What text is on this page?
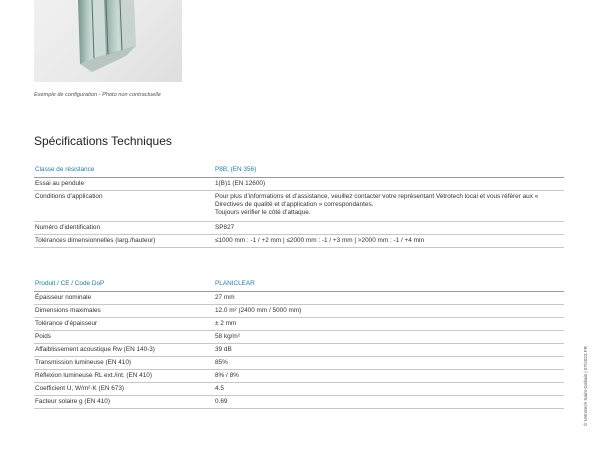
Exemple de configuration - Photo non contractuelle
Spécifications Techniques
Classe de résistance	P8B, (EN 356)
Essai au pendule	1(B)1 (EN 12600)
Conditions d’application	Pour plus d’informations et d’assistance, veuillez contacter votre représentant Vetrotech local et vous référer aux « Directives de qualité et d’application » correspondantes.
Toujours vérifier le côté d’attaque.
Numéro d’identification	SP827
Tolérances dimensionnelles (larg./hauteur)	≤1000 mm : -1 / +2 mm | ≤2000 mm : -1 / +3 mm | >2000 mm : -1 / +4 mm
Produit / CE / Code DoP	PLANICLEAR
Épaisseur nominale	27 mm
Dimensions maximales	12.0 m² (2400 mm / 5000 mm)
Tolérance d’épaisseur	± 2 mm
Poids	58 kg/m²
Affaiblissement acoustique Rw (EN 140-3)	39 dB
Transmission lumineuse (EN 410)	85%
Réflexion lumineuse RL ext./int. (EN 410)	8% / 8%
Coefficient U, W/m²·K (EN 673)	4.5
Facteur solaire g (EN 410)	0.69	© Vetrotech Saint-Gobain | 07/2023 FR
